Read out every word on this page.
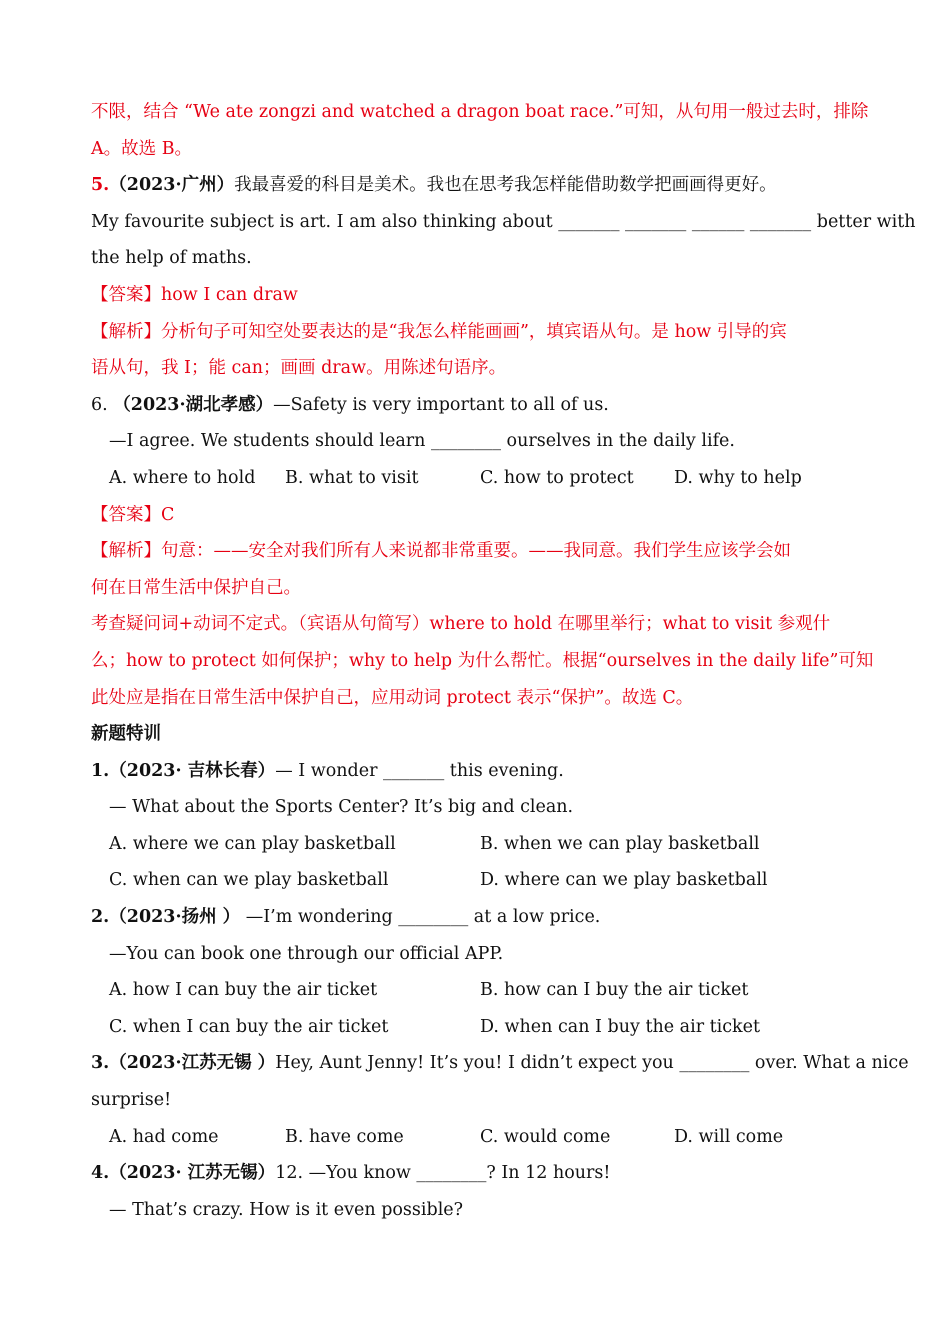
不限，结合 “We ate zongzi and watched a dragon boat race.”可知，从句用一般过去时，排除
A。故选 B。
5.（2023·广州）我最喜爱的科目是美术。我也在思考我怎样能借助数学把画画得更好。
My favourite subject is art. I am also thinking about _______ _______ ______ _______ better with
the help of maths.
【答案】how I can draw
【解析】分析句子可知空处要表达的是“我怎么样能画画”，填宾语从句。是 how 引导的宾
语从句，我 I；能 can；画画 draw。用陈述句语序。
6. （2023·湖北孝感）—Safety is very important to all of us.
—I agree. We students should learn ________ ourselves in the daily life.
A. where to hold B. what to visit	C. how to protect D. why to help
【答案】C
【解析】句意：——安全对我们所有人来说都非常重要。——我同意。我们学生应该学会如
何在日常生活中保护自己。
考查疑问词+动词不定式。（宾语从句简写）where to hold 在哪里举行；what to visit 参观什
么；how to protect 如何保护；why to help 为什么帮忙。根据“ourselves in the daily life”可知
此处应是指在日常生活中保护自己，应用动词 protect 表示“保护”。故选 C。
新题特训
1.（2023· 吉林长春）— I wonder _______ this evening.
— What about the Sports Center? It’s big and clean.
A. where we can play basketball	B. when we can play basketball
C. when can we play basketball	D. where can we play basketball
2.（2023·扬州 ） —I’m wondering ________ at a low price.
—You can book one through our official APP.
A. how I can buy the air ticket	B. how can I buy the air ticket
C. when I can buy the air ticket	D. when can I buy the air ticket
3.（2023·江苏无锡 ）Hey, Aunt Jenny! It’s you! I didn’t expect you ________ over. What a nice
surprise!
A. had come	B. have come	C. would come	D. will come
4.（2023· 江苏无锡）12. —You know ________? In 12 hours!
— That’s crazy. How is it even possible?
